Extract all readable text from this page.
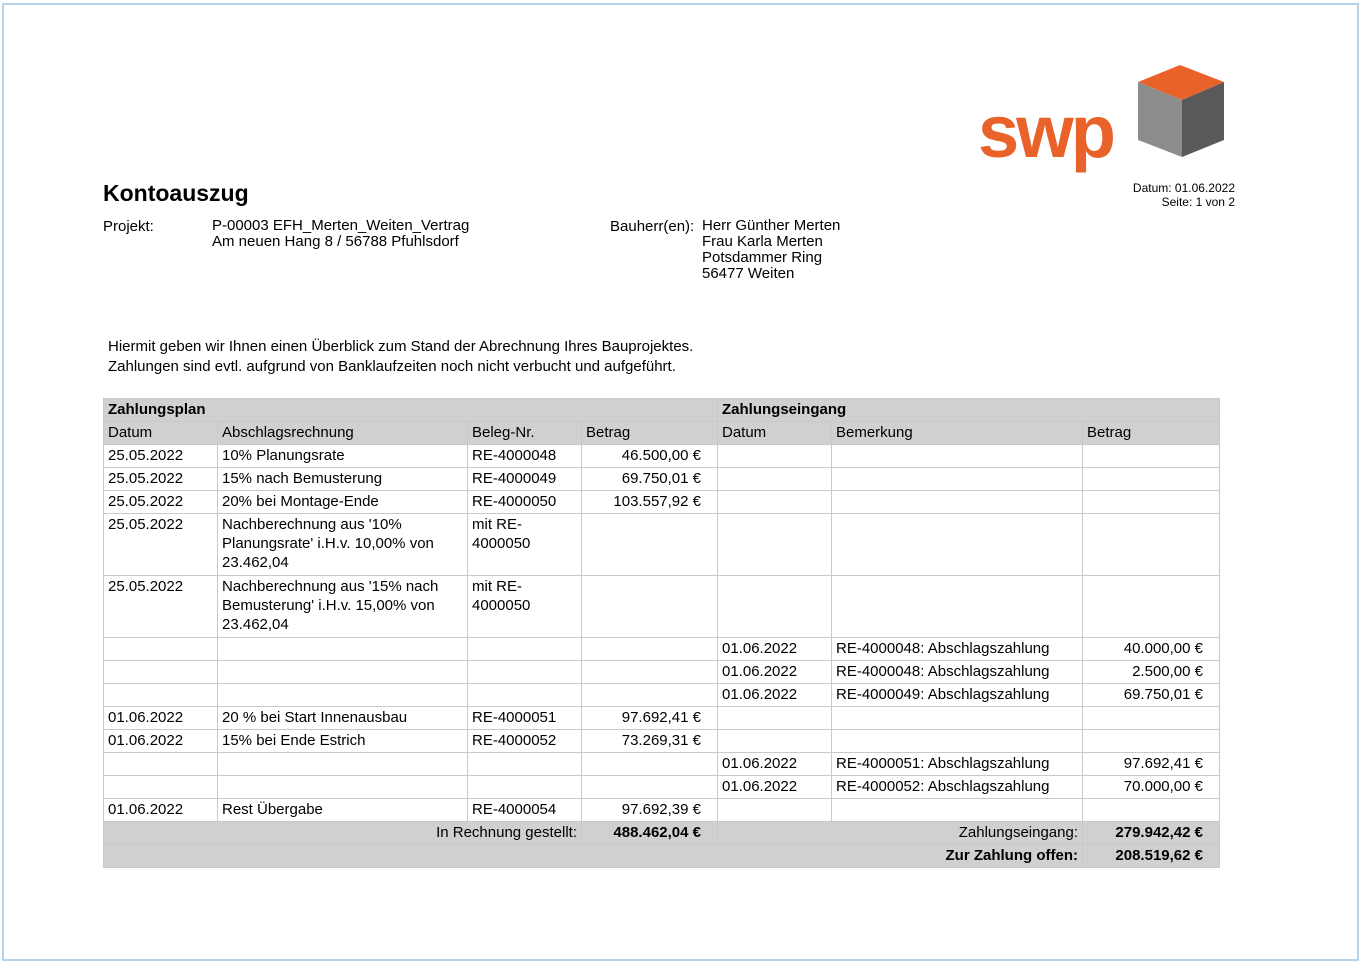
swp
Kontoauszug	Datum: 01.06.2022
Seite: 1 von 2
Projekt:	P-00003 EFH_Merten_Weiten_Vertrag
Am neuen Hang 8 / 56788 Pfuhlsdorf
Bauherr(en): Herr Günther Merten
Frau Karla Merten
Potsdammer Ring
56477 Weiten
Hiermit geben wir Ihnen einen Überblick zum Stand der Abrechnung Ihres Bauprojektes.
Zahlungen sind evtl. aufgrund von Banklaufzeiten noch nicht verbucht und aufgeführt.
Zahlungsplan				Zahlungseingang		
Datum	Abschlagsrechnung	Beleg-Nr.	Betrag	Datum	Bemerkung	Betrag
25.05.2022	10% Planungsrate	RE-4000048	46.500,00 €			
25.05.2022	15% nach Bemusterung	RE-4000049	69.750,01 €			
25.05.2022	20% bei Montage-Ende	RE-4000050	103.557,92 €			
25.05.2022	Nachberechnung aus '10% Planungsrate' i.H.v. 10,00% von 23.462,04	mit RE-4000050				
25.05.2022	Nachberechnung aus '15% nach Bemusterung' i.H.v. 15,00% von 23.462,04	mit RE-4000050				
				01.06.2022	RE-4000048: Abschlagszahlung	40.000,00 €
				01.06.2022	RE-4000048: Abschlagszahlung	2.500,00 €
				01.06.2022	RE-4000049: Abschlagszahlung	69.750,01 €
01.06.2022	20 % bei Start Innenausbau	RE-4000051	97.692,41 €			
01.06.2022	15% bei Ende Estrich	RE-4000052	73.269,31 €			
				01.06.2022	RE-4000051: Abschlagszahlung	97.692,41 €
				01.06.2022	RE-4000052: Abschlagszahlung	70.000,00 €
01.06.2022	Rest Übergabe	RE-4000054	97.692,39 €			
In Rechnung gestellt:			488.462,04 €	Zahlungseingang:		279.942,42 €
Zur Zahlung offen:						208.519,62 €
